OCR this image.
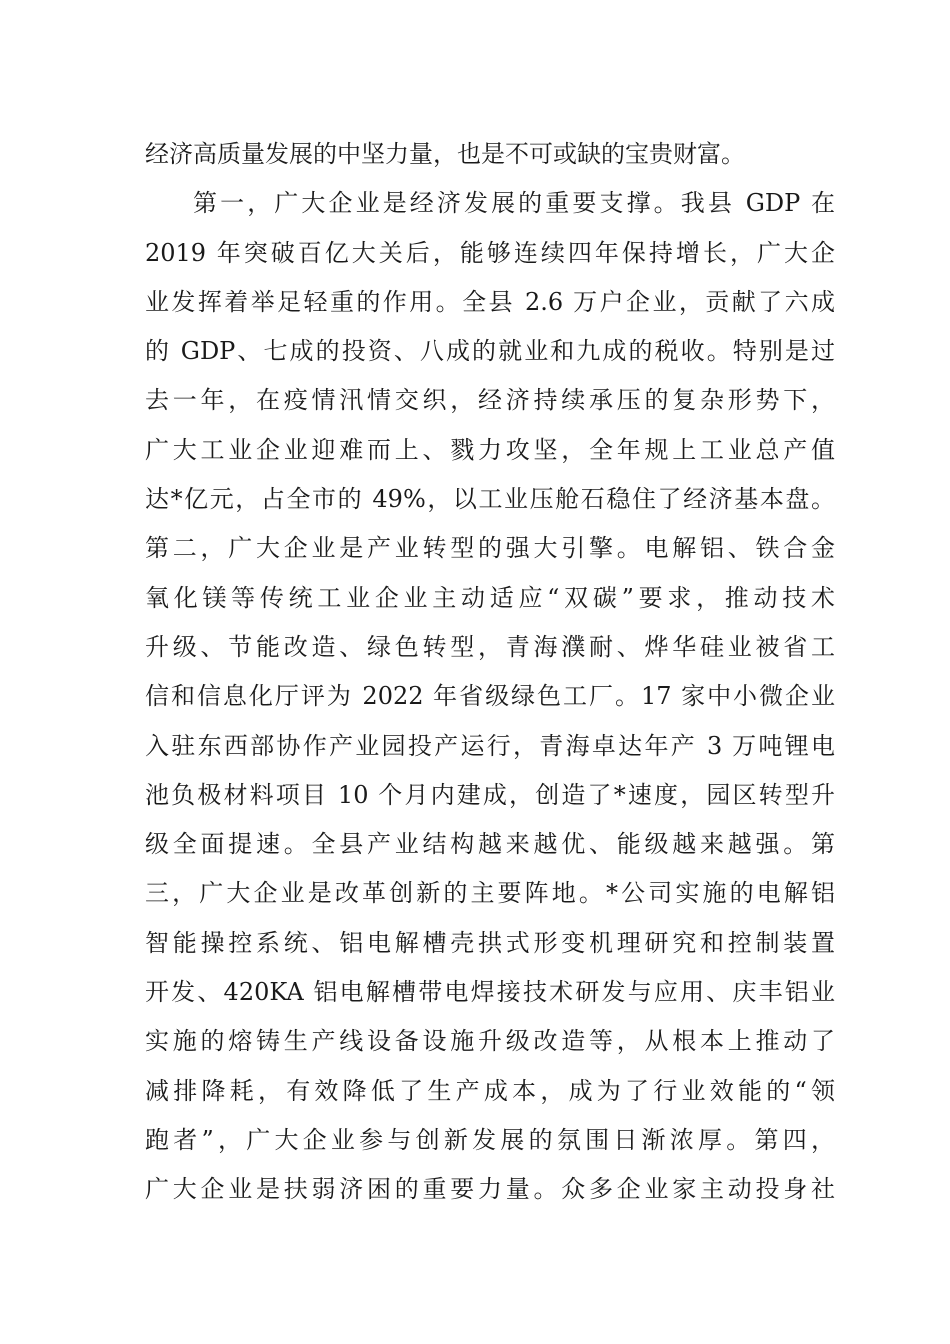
经济高质量发展的中坚力量，也是不可或缺的宝贵财富。
第一，广大企业是经济发展的重要支撑。我县 GDP 在
2019 年突破百亿大关后，能够连续四年保持增长，广大企
业发挥着举足轻重的作用。全县 2.6 万户企业，贡献了六成
的 GDP、七成的投资、八成的就业和九成的税收。特别是过
去一年，在疫情汛情交织，经济持续承压的复杂形势下，
广大工业企业迎难而上、戮力攻坚，全年规上工业总产值
达*亿元，占全市的 49%，以工业压舱石稳住了经济基本盘。
第二，广大企业是产业转型的强大引擎。电解铝、铁合金
氧化镁等传统工业企业主动适应“双碳”要求，推动技术
升级、节能改造、绿色转型，青海濮耐、烨华硅业被省工
信和信息化厅评为 2022 年省级绿色工厂。17 家中小微企业
入驻东西部协作产业园投产运行，青海卓达年产 3 万吨锂电
池负极材料项目 10 个月内建成，创造了*速度，园区转型升
级全面提速。全县产业结构越来越优、能级越来越强。第
三，广大企业是改革创新的主要阵地。*公司实施的电解铝
智能操控系统、铝电解槽壳拱式形变机理研究和控制装置
开发、420KA 铝电解槽带电焊接技术研发与应用、庆丰铝业
实施的熔铸生产线设备设施升级改造等，从根本上推动了
减排降耗，有效降低了生产成本，成为了行业效能的“领
跑者”，广大企业参与创新发展的氛围日渐浓厚。第四，
广大企业是扶弱济困的重要力量。众多企业家主动投身社
